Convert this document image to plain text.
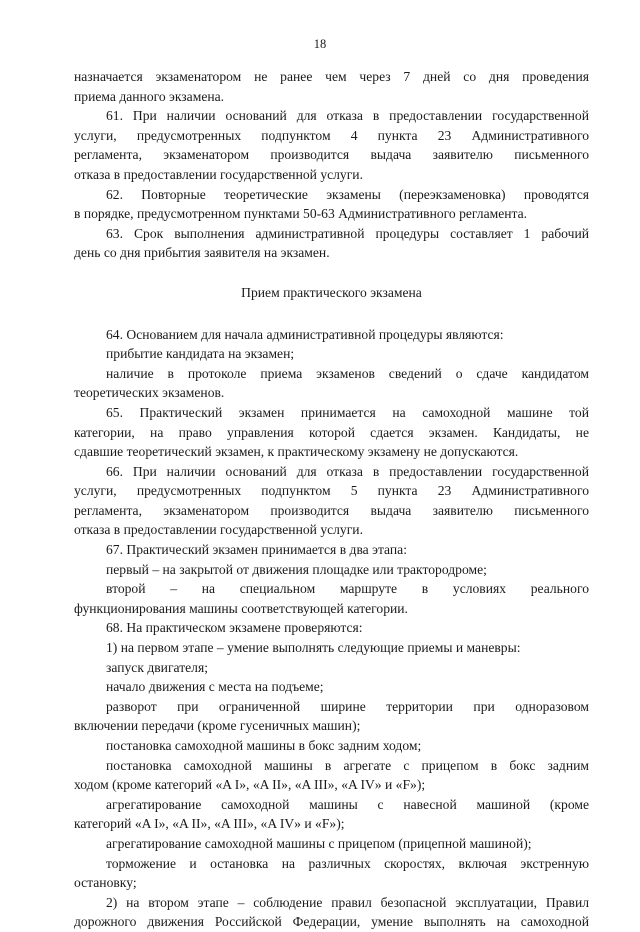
18
назначается экзаменатором не ранее чем через 7 дней со дня проведения
приема данного экзамена.
61. При наличии оснований для отказа в предоставлении государственной
услуги, предусмотренных подпунктом 4 пункта 23 Административного
регламента, экзаменатором производится выдача заявителю письменного
отказа в предоставлении государственной услуги.
62. Повторные теоретические экзамены (переэкзаменовка) проводятся
в порядке, предусмотренном пунктами 50-63 Административного регламента.
63. Срок выполнения административной процедуры составляет 1 рабочий
день со дня прибытия заявителя на экзамен.
Прием практического экзамена
64. Основанием для начала административной процедуры являются:
прибытие кандидата на экзамен;
наличие в протоколе приема экзаменов сведений о сдаче кандидатом
теоретических экзаменов.
65. Практический экзамен принимается на самоходной машине той
категории, на право управления которой сдается экзамен. Кандидаты, не
сдавшие теоретический экзамен, к практическому экзамену не допускаются.
66. При наличии оснований для отказа в предоставлении государственной
услуги, предусмотренных подпунктом 5 пункта 23 Административного
регламента, экзаменатором производится выдача заявителю письменного
отказа в предоставлении государственной услуги.
67. Практический экзамен принимается в два этапа:
первый – на закрытой от движения площадке или трактородроме;
второй – на специальном маршруте в условиях реального
функционирования машины соответствующей категории.
68. На практическом экзамене проверяются:
1) на первом этапе – умение выполнять следующие приемы и маневры:
запуск двигателя;
начало движения с места на подъеме;
разворот при ограниченной ширине территории при одноразовом
включении передачи (кроме гусеничных машин);
постановка самоходной машины в бокс задним ходом;
постановка самоходной машины в агрегате с прицепом в бокс задним
ходом (кроме категорий «A I», «A II», «A III», «A IV» и «F»);
агрегатирование самоходной машины с навесной машиной (кроме
категорий «A I», «A II», «A III», «A IV» и «F»);
агрегатирование самоходной машины с прицепом (прицепной машиной);
торможение и остановка на различных скоростях, включая экстренную
остановку;
2) на втором этапе – соблюдение правил безопасной эксплуатации, Правил
дорожного движения Российской Федерации, умение выполнять на самоходной
